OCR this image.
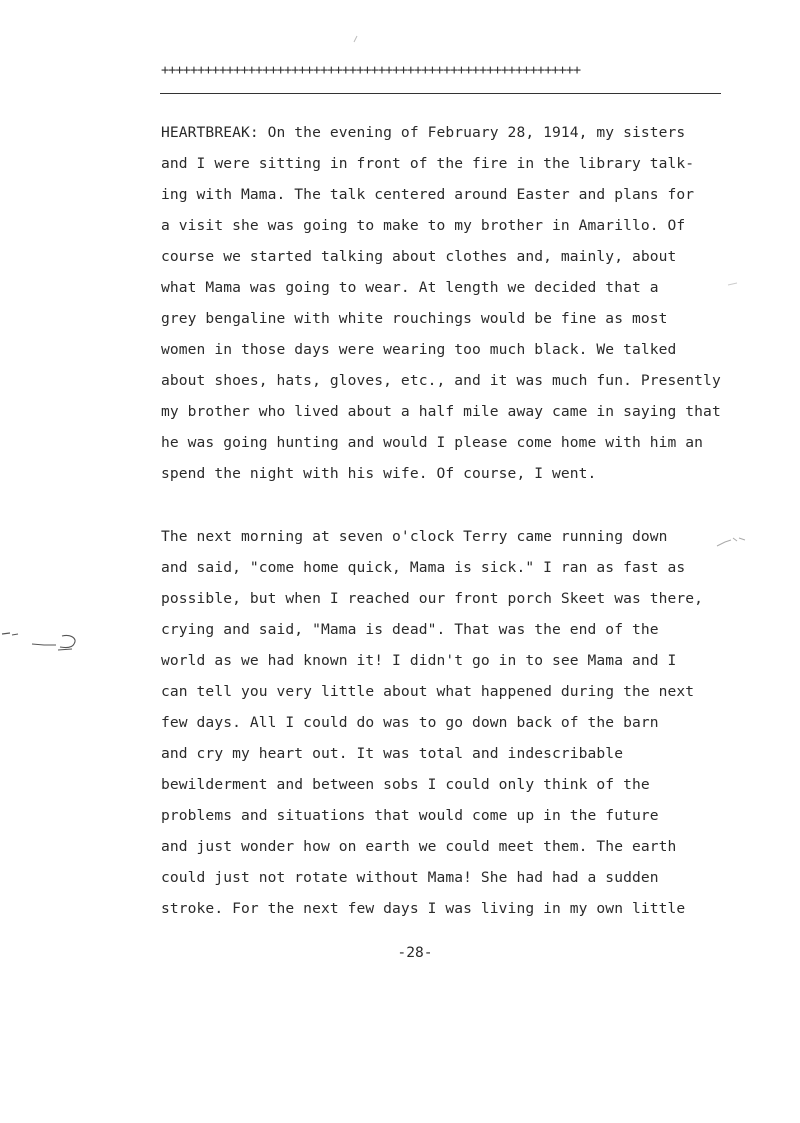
++++++++++++++++++++++++++++++++++++++++++++++++++++++++++
HEARTBREAK: On the evening of February 28, 1914, my sisters
and I were sitting in front of the fire in the library talk-
ing with Mama. The talk centered around Easter and plans for
a visit she was going to make to my brother in Amarillo. Of
course we started talking about clothes and, mainly, about
what Mama was going to wear. At length we decided that a
grey bengaline with white rouchings would be fine as most
women in those days were wearing too much black. We talked
about shoes, hats, gloves, etc., and it was much fun. Presently
my brother who lived about a half mile away came in saying that
he was going hunting and would I please come home with him an
spend the night with his wife. Of course, I went.
The next morning at seven o'clock Terry came running down
and said, "come home quick, Mama is sick." I ran as fast as
possible, but when I reached our front porch Skeet was there,
crying and said, "Mama is dead". That was the end of the
world as we had known it! I didn't go in to see Mama and I
can tell you very little about what happened during the next
few days. All I could do was to go down back of the barn
and cry my heart out. It was total and indescribable
bewilderment and between sobs I could only think of the
problems and situations that would come up in the future
and just wonder how on earth we could meet them. The earth
could just not rotate without Mama! She had had a sudden
stroke. For the next few days I was living in my own little
-28-
